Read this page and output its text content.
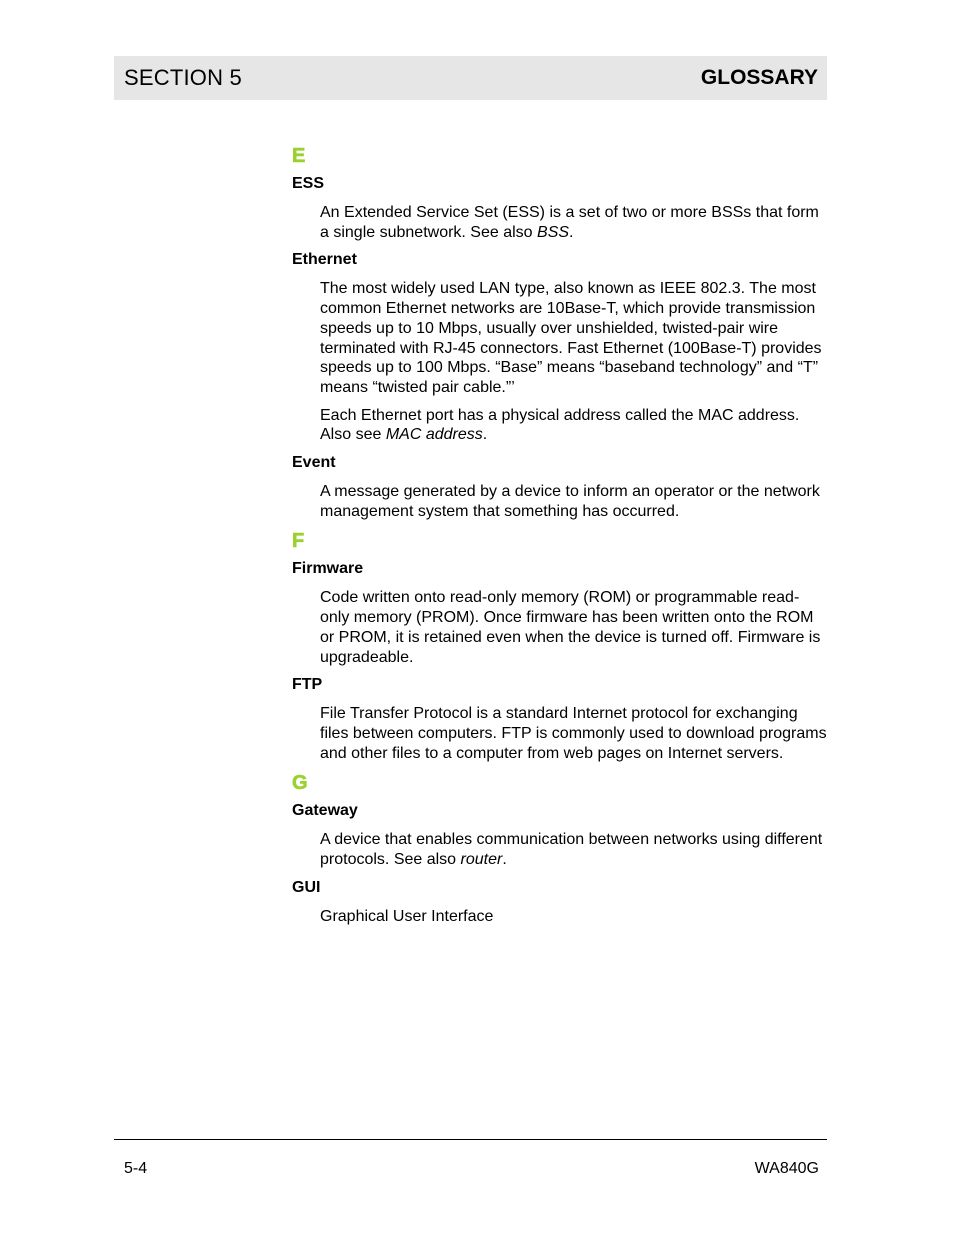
SECTION 5	GLOSSARY
E
ESS
An Extended Service Set (ESS) is a set of two or more BSSs that form a single subnetwork. See also BSS.
Ethernet
The most widely used LAN type, also known as IEEE 802.3. The most common Ethernet networks are 10Base-T, which provide transmission speeds up to 10 Mbps, usually over unshielded, twisted-pair wire terminated with RJ-45 connectors. Fast Ethernet (100Base-T) provides speeds up to 100 Mbps. “Base” means “baseband technology” and “T” means “twisted pair cable.”’
Each Ethernet port has a physical address called the MAC address. Also see MAC address.
Event
A message generated by a device to inform an operator or the network management system that something has occurred.
F
Firmware
Code written onto read-only memory (ROM) or programmable read-only memory (PROM). Once firmware has been written onto the ROM or PROM, it is retained even when the device is turned off. Firmware is upgradeable.
FTP
File Transfer Protocol is a standard Internet protocol for exchanging files between computers. FTP is commonly used to download programs and other files to a computer from web pages on Internet servers.
G
Gateway
A device that enables communication between networks using different protocols. See also router.
GUI
Graphical User Interface
5-4	WA840G
